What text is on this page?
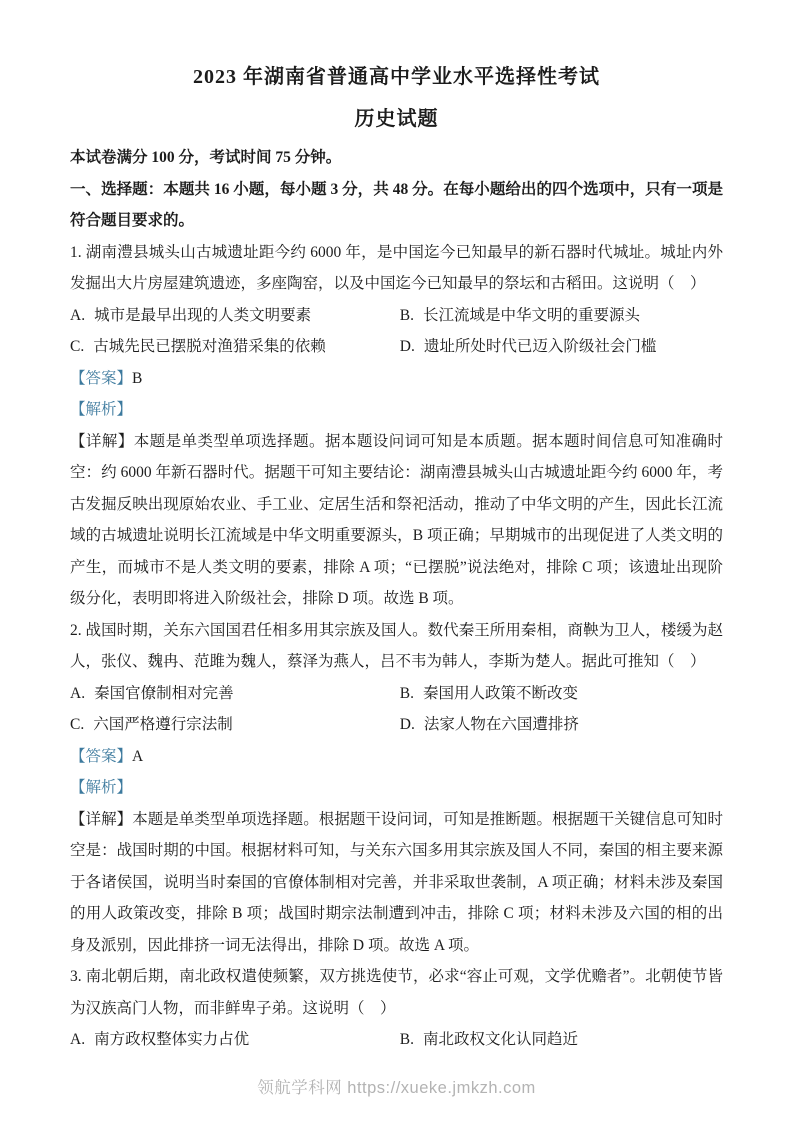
2023 年湖南省普通高中学业水平选择性考试
历史试题

本试卷满分 100 分，考试时间 75 分钟。

一、选择题：本题共 16 小题，每小题 3 分，共 48 分。在每小题给出的四个选项中，只有一项是符合题目要求的。

1. 湖南澧县城头山古城遗址距今约 6000 年，是中国迄今已知最早的新石器时代城址。城址内外发掘出大片房屋建筑遗迹，多座陶窑，以及中国迄今已知最早的祭坛和古稻田。这说明（　）

A. 城市是最早出现的人类文明要素	B. 长江流域是中华文明的重要源头
C. 古城先民已摆脱对渔猎采集的依赖	D. 遗址所处时代已迈入阶级社会门槛

【答案】B

【解析】

【详解】本题是单类型单项选择题。据本题设问词可知是本质题。据本题时间信息可知准确时空：约 6000 年新石器时代。据题干可知主要结论：湖南澧县城头山古城遗址距今约 6000 年，考古发掘反映出现原始农业、手工业、定居生活和祭祀活动，推动了中华文明的产生，因此长江流域的古城遗址说明长江流域是中华文明重要源头，B 项正确；早期城市的出现促进了人类文明的产生，而城市不是人类文明的要素，排除 A 项；“已摆脱”说法绝对，排除 C 项；该遗址出现阶级分化，表明即将进入阶级社会，排除 D 项。故选 B 项。

2. 战国时期，关东六国国君任相多用其宗族及国人。数代秦王所用秦相，商鞅为卫人，楼缓为赵人，张仪、魏冉、范雎为魏人，蔡泽为燕人，吕不韦为韩人，李斯为楚人。据此可推知（　）

A. 秦国官僚制相对完善	B. 秦国用人政策不断改变
C. 六国严格遵行宗法制	D. 法家人物在六国遭排挤

【答案】A

【解析】

【详解】本题是单类型单项选择题。根据题干设问词，可知是推断题。根据题干关键信息可知时空是：战国时期的中国。根据材料可知，与关东六国多用其宗族及国人不同，秦国的相主要来源于各诸侯国，说明当时秦国的官僚体制相对完善，并非采取世袭制，A 项正确；材料未涉及秦国的用人政策改变，排除 B 项；战国时期宗法制遭到冲击，排除 C 项；材料未涉及六国的相的出身及派别，因此排挤一词无法得出，排除 D 项。故选 A 项。

3. 南北朝后期，南北政权遣使频繁，双方挑选使节，必求“容止可观，文学优赡者”。北朝使节皆为汉族高门人物，而非鲜卑子弟。这说明（　）

A. 南方政权整体实力占优	B. 南北政权文化认同趋近
领航学科网 https://xueke.jmkzh.com
